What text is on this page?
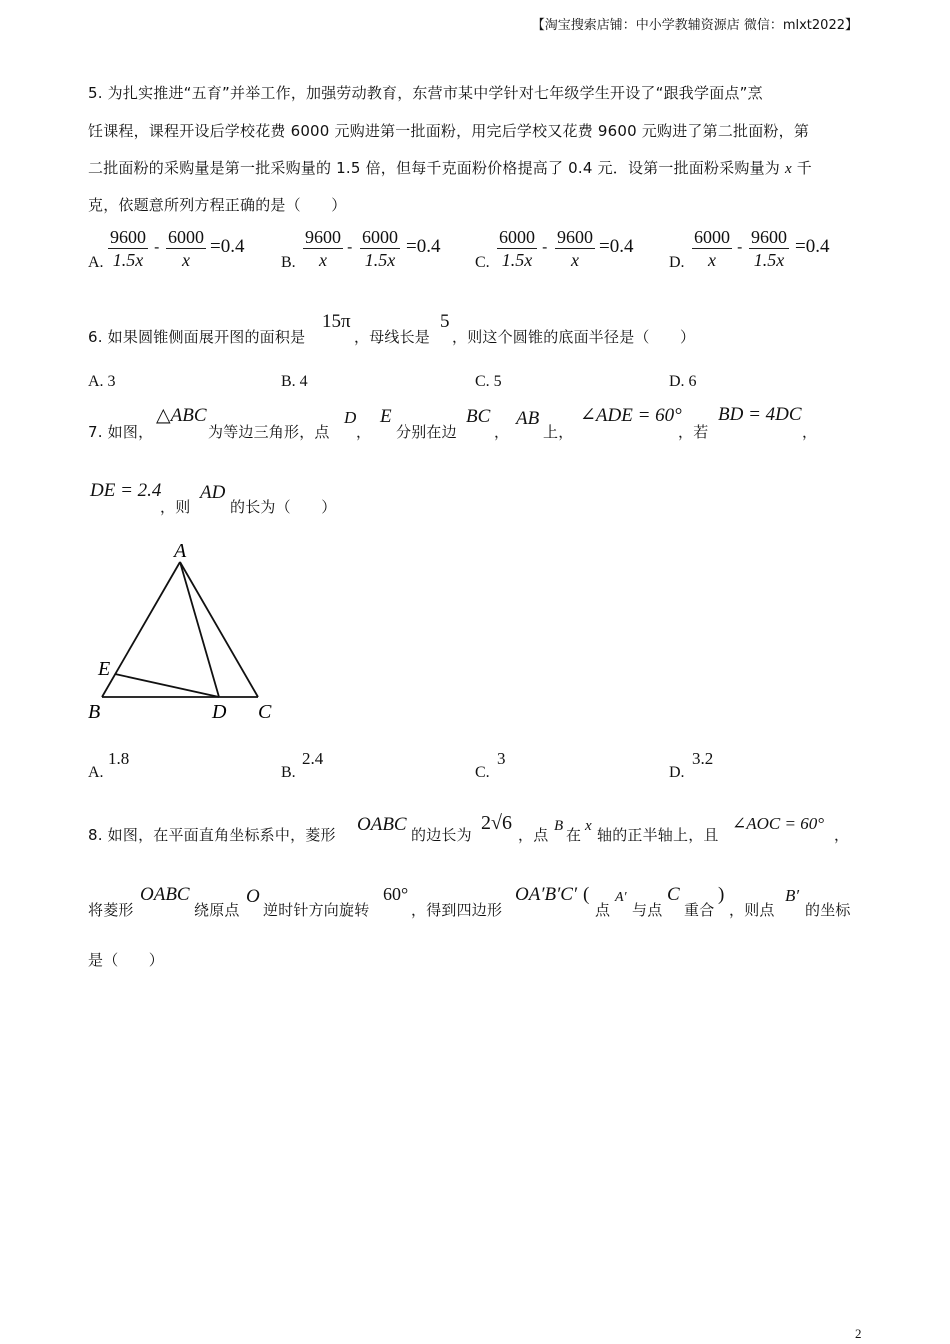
【淘宝搜索店铺：中小学教辅资源店 微信：mlxt2022】
5. 为扎实推进“五育”并举工作，加强劳动教育，东营市某中学针对七年级学生开设了“跟我学面点”烹
饪课程，课程开设后学校花费 6000 元购进第一批面粉，用完后学校又花费 9600 元购进了第二批面粉，第
二批面粉的采购量是第一批采购量的 1.5 倍，但每千克面粉价格提高了 0.4 元．设第一批面粉采购量为 x 千
克，依题意所列方程正确的是（　　）
A. $\frac{9600}{1.5x} - \frac{6000}{x} =0.4$
B. $\frac{9600}{x} - \frac{6000}{1.5x} =0.4$
C. $\frac{6000}{1.5x} - \frac{9600}{x} =0.4$
D. $\frac{6000}{x} - \frac{9600}{1.5x} =0.4$
6. 如果圆锥侧面展开图的面积是
15π
，母线长是
5
，则这个圆锥的底面半径是（　　）
A. 3	B. 4	C. 5	D. 6
7. 如图，
△ABC
为等边三角形，点
D
，
E
分别在边
BC
，
AB
上，
∠ADE = 60°
，若
BD = 4DC
，
DE = 2.4
，则
AD
的长为（　　）
A
E
B	D C
A.
1.8
B.
2.4
C.
3
D.
3.2
8. 如图，在平面直角坐标系中，菱形 OABC 的边长为
2√6
，点 B 在 x 轴的正半轴上，且
∠AOC = 60°
，
将菱形
OABC
绕原点
O
逆时针方向旋转
60°
，得到四边形
OA′B′C′ (
点
A′
与点
C
重合
)
，则点
B′
的坐标
是（　　）
2
